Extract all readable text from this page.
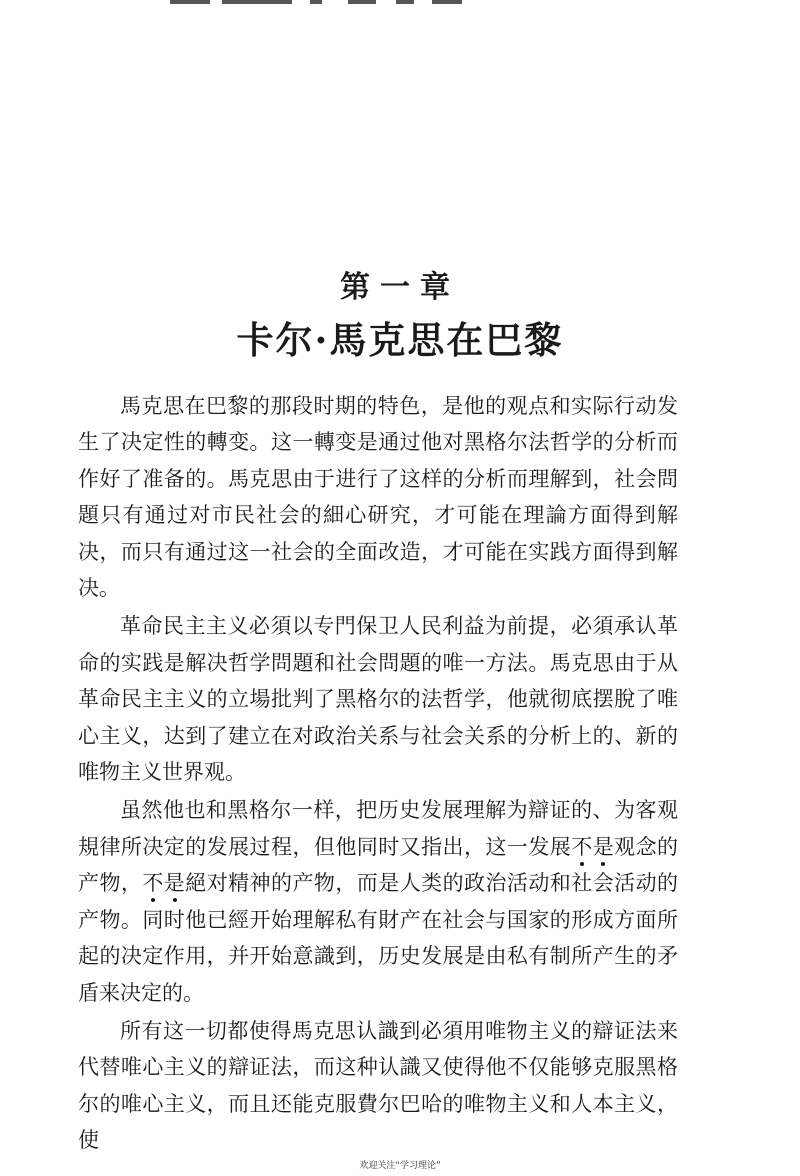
第一章
卡尔·馬克思在巴黎

馬克思在巴黎的那段时期的特色，是他的观点和实际行动发生了决定性的轉变。这一轉变是通过他对黑格尔法哲学的分析而作好了准备的。馬克思由于进行了这样的分析而理解到，社会問題只有通过对市民社会的細心研究，才可能在理論方面得到解决，而只有通过这一社会的全面改造，才可能在实践方面得到解决。

革命民主主义必須以专門保卫人民利益为前提，必須承认革命的实践是解决哲学問題和社会問題的唯一方法。馬克思由于从革命民主主义的立場批判了黑格尔的法哲学，他就彻底摆脫了唯心主义，达到了建立在对政治关系与社会关系的分析上的、新的唯物主义世界观。

虽然他也和黑格尔一样，把历史发展理解为辯证的、为客观規律所决定的发展过程，但他同时又指出，这一发展不是观念的产物，不是絕对精神的产物，而是人类的政治活动和社会活动的产物。同时他已經开始理解私有財产在社会与国家的形成方面所起的决定作用，并开始意識到，历史发展是由私有制所产生的矛盾来决定的。

所有这一切都使得馬克思认識到必須用唯物主义的辯证法来代替唯心主义的辯证法，而这种认識又使得他不仅能够克服黑格尔的唯心主义，而且还能克服費尔巴哈的唯物主义和人本主义，使

欢迎关注“学习理论”
